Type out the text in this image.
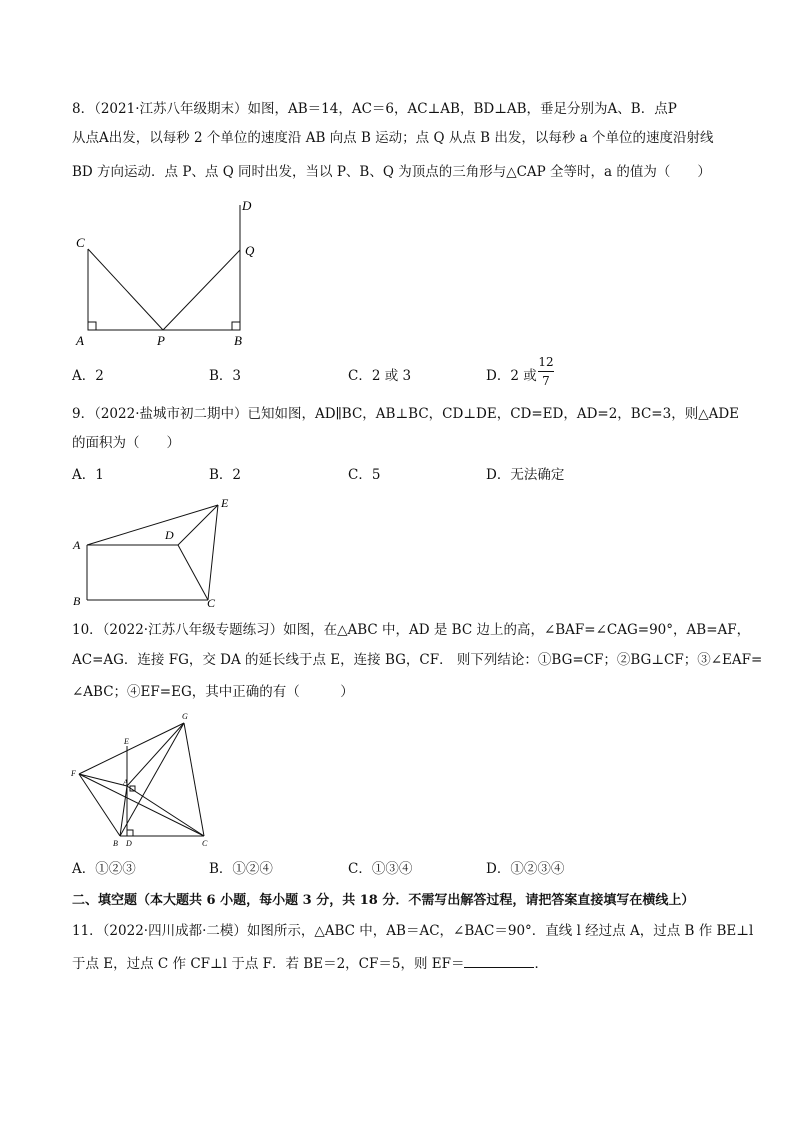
8．（2021·江苏八年级期末）如图，AB＝14，AC＝6，AC⊥AB，BD⊥AB，垂足分别为A、B．点P
从点A出发，以每秒 2 个单位的速度沿 AB 向点 B 运动；点 Q 从点 B 出发，以每秒 a 个单位的速度沿射线
BD 方向运动．点 P、点 Q 同时出发，当以 P、B、Q 为顶点的三角形与△CAP 全等时，a 的值为（　　）
C
A	P	B
Q
D
A．2	B．3	C．2 或 3	D．2 或
12
7
9．（2022·盐城市初二期中）已知如图，AD∥BC，AB⊥BC，CD⊥DE，CD=ED，AD=2，BC=3，则△ADE
的面积为（　　）
A．1	B．2	C．5	D．无法确定
A
B	C
D
E
10．（2022·江苏八年级专题练习）如图，在△ABC 中，AD 是 BC 边上的高，∠BAF=∠CAG=90°，AB=AF，
AC=AG．连接 FG，交 DA 的延长线于点 E，连接 BG，CF． 则下列结论：①BG=CF；②BG⊥CF；③∠EAF=
∠ABC；④EF=EG，其中正确的有（　　　）
G
E
F
A
B D	C
A．①②③	B．①②④	C．①③④	D．①②③④
二、填空题（本大题共 6 小题，每小题 3 分，共 18 分．不需写出解答过程，请把答案直接填写在横线上）
11．（2022·四川成都·二模）如图所示，△ABC 中，AB＝AC，∠BAC＝90°．直线 l 经过点 A，过点 B 作 BE⊥l
于点 E，过点 C 作 CF⊥l 于点 F．若 BE＝2，CF＝5，则 EF＝	．
